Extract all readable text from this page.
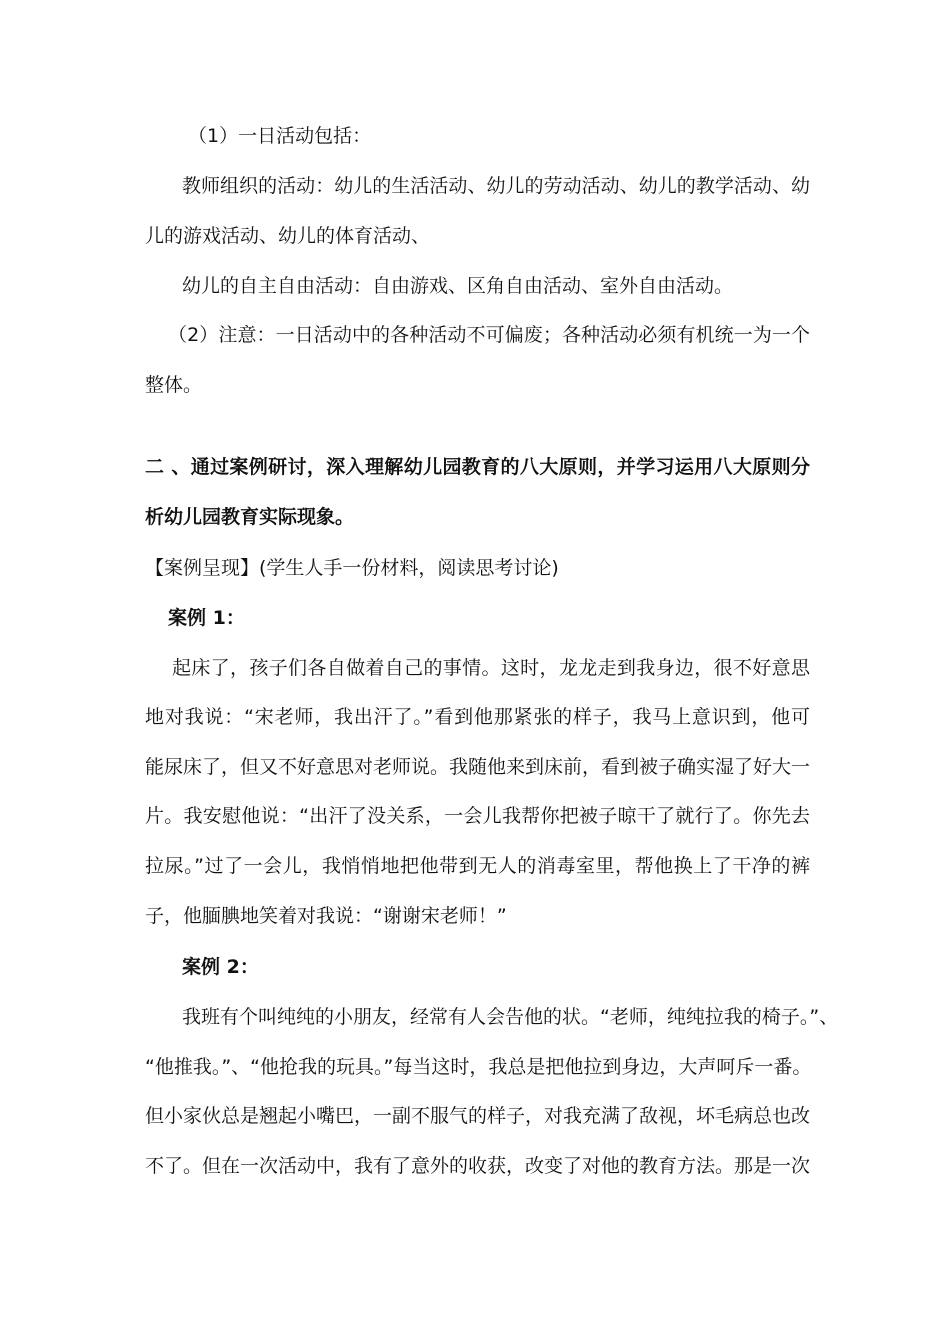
（1）一日活动包括：
教师组织的活动：幼儿的生活活动、幼儿的劳动活动、幼儿的教学活动、幼
儿的游戏活动、幼儿的体育活动、
幼儿的自主自由活动：自由游戏、区角自由活动、室外自由活动。
（2）注意：一日活动中的各种活动不可偏废；各种活动必须有机统一为一个
整体。
二 、通过案例研讨，深入理解幼儿园教育的八大原则，并学习运用八大原则分
析幼儿园教育实际现象。
【案例呈现】(学生人手一份材料，阅读思考讨论)
案例 1：
起床了，孩子们各自做着自己的事情。这时，龙龙走到我身边，很不好意思
地对我说：“宋老师，我出汗了。”看到他那紧张的样子，我马上意识到，他可
能尿床了，但又不好意思对老师说。我随他来到床前，看到被子确实湿了好大一
片。我安慰他说：“出汗了没关系，一会儿我帮你把被子晾干了就行了。你先去
拉尿。”过了一会儿，我悄悄地把他带到无人的消毒室里，帮他换上了干净的裤
子，他腼腆地笑着对我说：“谢谢宋老师！”
案例 2：
我班有个叫纯纯的小朋友，经常有人会告他的状。“老师，纯纯拉我的椅子。”、
“他推我。”、“他抢我的玩具。”每当这时，我总是把他拉到身边，大声呵斥一番。
但小家伙总是翘起小嘴巴，一副不服气的样子，对我充满了敌视，坏毛病总也改
不了。但在一次活动中，我有了意外的收获，改变了对他的教育方法。那是一次
